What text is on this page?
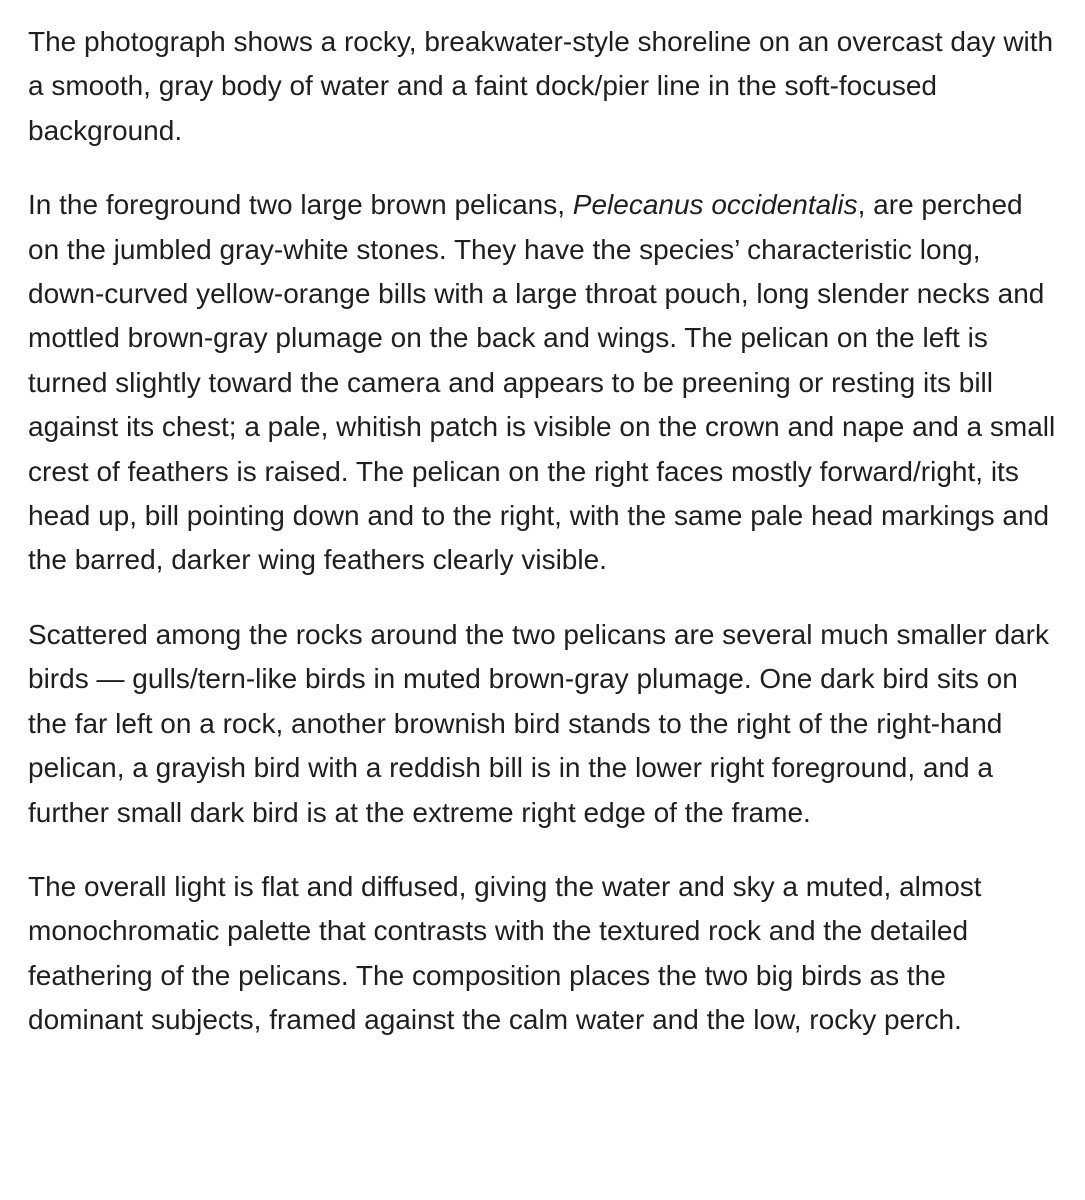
The photograph shows a rocky, breakwater-style shoreline on an overcast day with a smooth, gray body of water and a faint dock/pier line in the soft-focused background.

In the foreground two large brown pelicans, Pelecanus occidentalis, are perched on the jumbled gray-white stones. They have the species’ characteristic long, down-curved yellow-orange bills with a large throat pouch, long slender necks and mottled brown-gray plumage on the back and wings. The pelican on the left is turned slightly toward the camera and appears to be preening or resting its bill against its chest; a pale, whitish patch is visible on the crown and nape and a small crest of feathers is raised. The pelican on the right faces mostly forward/right, its head up, bill pointing down and to the right, with the same pale head markings and the barred, darker wing feathers clearly visible.

Scattered among the rocks around the two pelicans are several much smaller dark birds — gulls/tern-like birds in muted brown-gray plumage. One dark bird sits on the far left on a rock, another brownish bird stands to the right of the right-hand pelican, a grayish bird with a reddish bill is in the lower right foreground, and a further small dark bird is at the extreme right edge of the frame.

The overall light is flat and diffused, giving the water and sky a muted, almost monochromatic palette that contrasts with the textured rock and the detailed feathering of the pelicans. The composition places the two big birds as the dominant subjects, framed against the calm water and the low, rocky perch.
